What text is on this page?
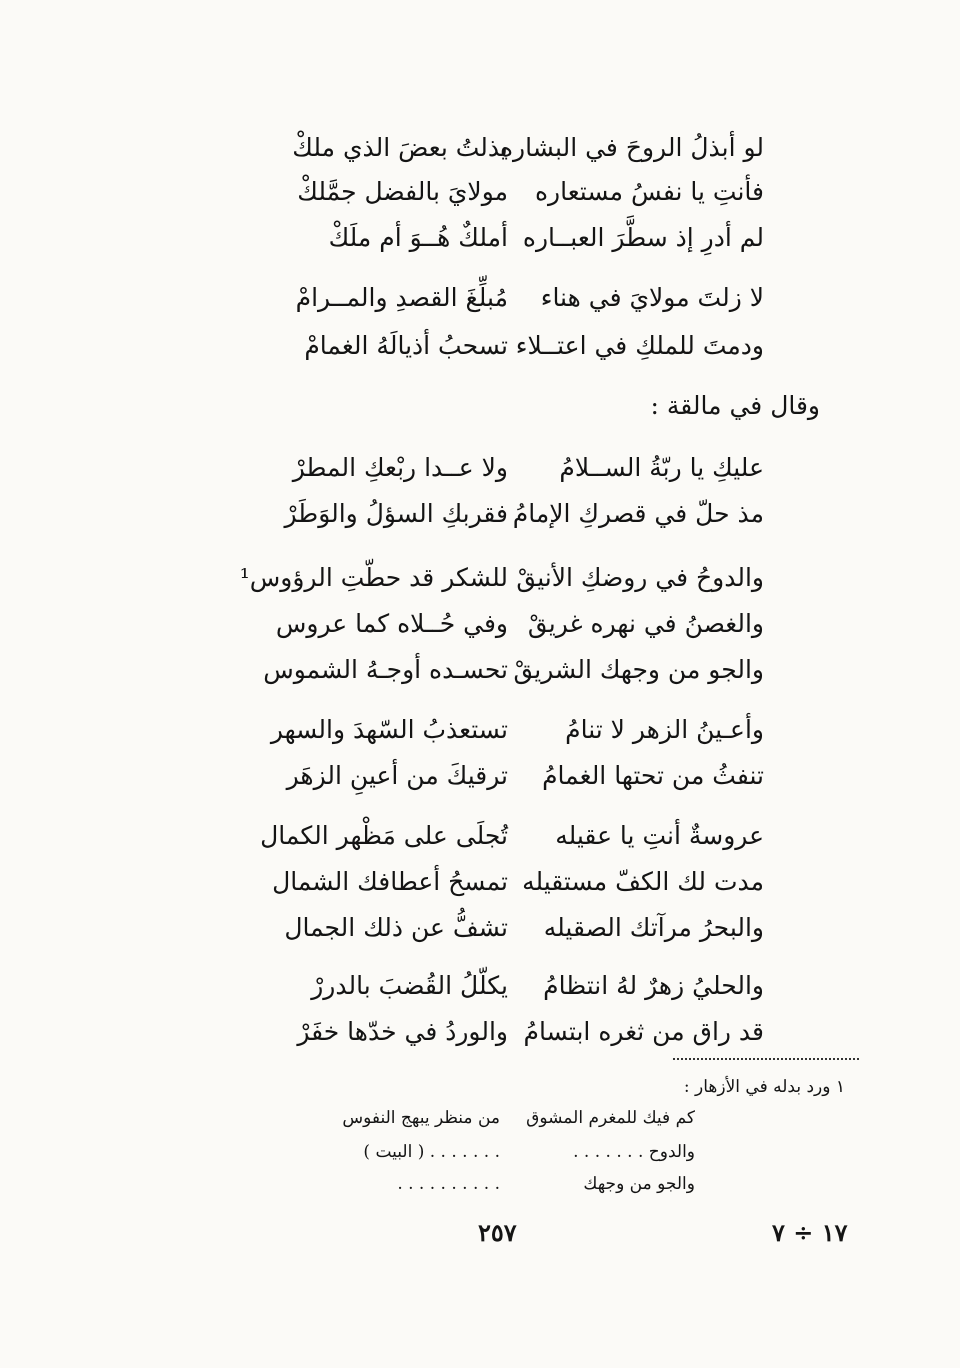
لو أبذلُ الروحَ في البشاره
يذلتُ بعضَ الذي ملكْ
فأنتِ يا نفسُ مستعاره
مولايَ بالفضل جمَّلكْ
لم أدرِ إذ سطَّرَ العبــاره
أملكٌ هُــوَ أم ملَكْ
لا زلتَ مولايَ في هناء
مُبلِّغَ القصدِ والمــرامْ
ودمتَ للملكِ في اعتــلاء
تسحبُ أذيالَهُ الغمامْ
وقال في مالقة :
عليكِ يا ربّةُ الســلامُ
ولا عــدا ربْعكِ المطرْ
مذ حلّ في قصركِ الإمامُ
فقربكِ السؤلُ والوَطَرْ
والدوحُ في روضكِ الأنيقْ
للشكر قد حطّتِ الرؤوس¹
والغصنُ في نهره غريقْ
وفي حُــلاه كما عروس
والجو من وجهك الشريقْ
تحسـده أوجـهُ الشموس
وأعـينُ الزهر لا تنامُ
تستعذبُ السّهدَ والسهر
تنفثُ من تحتها الغمامُ
ترقيكَ من أعينِ الزهَر
عروسةٌ أنتِ يا عقيله
تُجلَى على مَظْهر الكمال
مدت لك الكفّ مستقيله
تمسحُ أعطافك الشمال
والبحرُ مرآتك الصقيله
تشفُّ عن ذلك الجمال
والحليُ زهرٌ لهُ انتظامُ
يكلّلُ القُضبَ بالدررْ
قد راق من ثغره ابتسامُ
والوردُ في خدّها خفَرْ
١ ورد بدله في الأزهار :
كم فيك للمغرم المشوق
من منظر يبهج النفوس
والدوح . . . . . . .
. . . . . . . ( البيت )
والجو من وجهك
. . . . . . . . . .
٢٥٧	١٧ ÷ ٧
